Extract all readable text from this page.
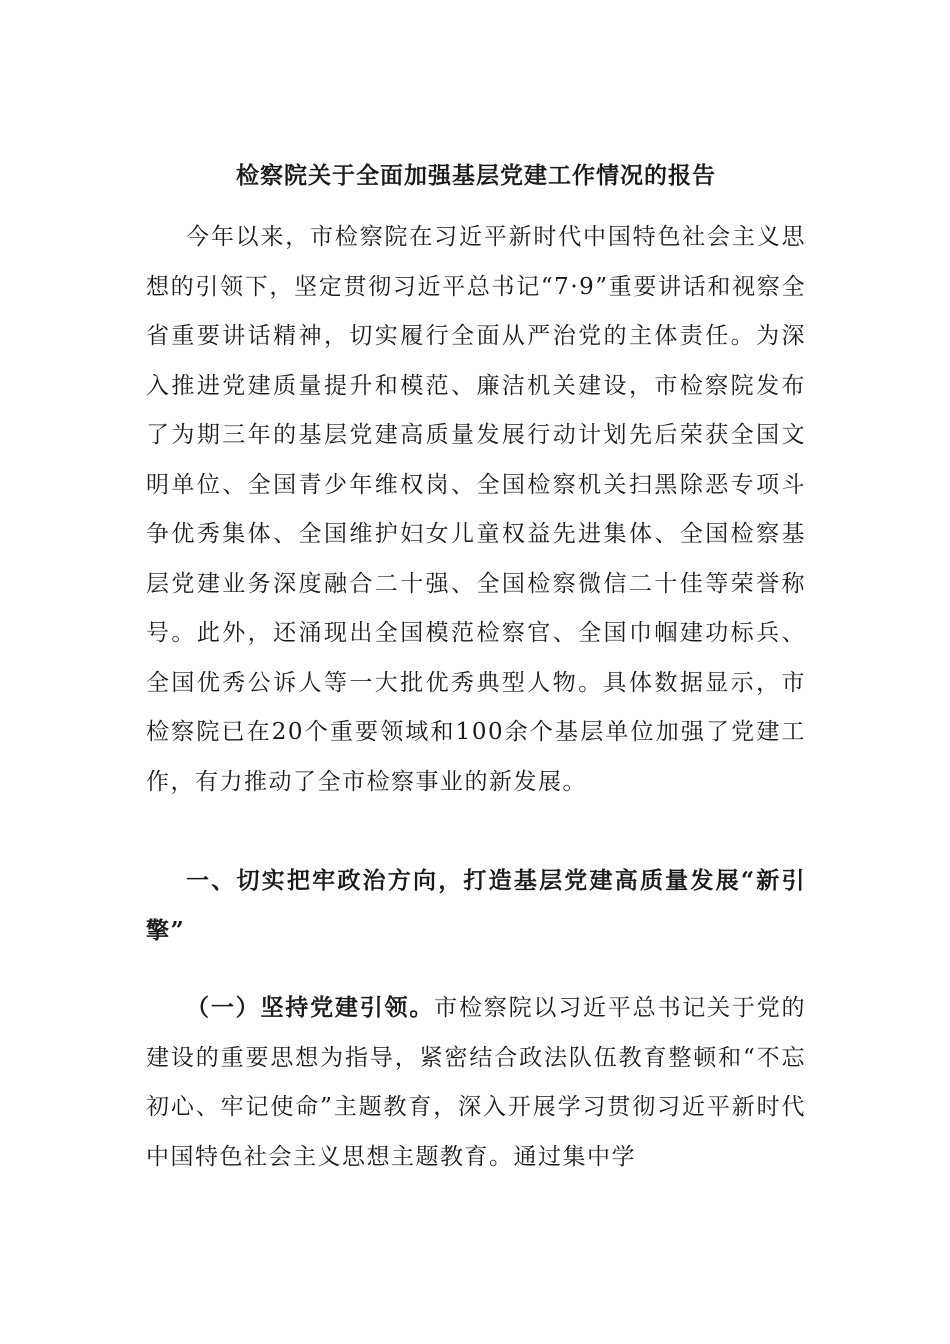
检察院关于全面加强基层党建工作情况的报告

今年以来，市检察院在习近平新时代中国特色社会主义思想的引领下，坚定贯彻习近平总书记“7·9”重要讲话和视察全省重要讲话精神，切实履行全面从严治党的主体责任。为深入推进党建质量提升和模范、廉洁机关建设，市检察院发布了为期三年的基层党建高质量发展行动计划先后荣获全国文明单位、全国青少年维权岗、全国检察机关扫黑除恶专项斗争优秀集体、全国维护妇女儿童权益先进集体、全国检察基层党建业务深度融合二十强、全国检察微信二十佳等荣誉称号。此外，还涌现出全国模范检察官、全国巾帼建功标兵、全国优秀公诉人等一大批优秀典型人物。具体数据显示，市检察院已在20个重要领域和100余个基层单位加强了党建工作，有力推动了全市检察事业的新发展。

一、切实把牢政治方向，打造基层党建高质量发展“新引擎”

（一）坚持党建引领。市检察院以习近平总书记关于党的建设的重要思想为指导，紧密结合政法队伍教育整顿和“不忘初心、牢记使命”主题教育，深入开展学习贯彻习近平新时代中国特色社会主义思想主题教育。通过集中学
